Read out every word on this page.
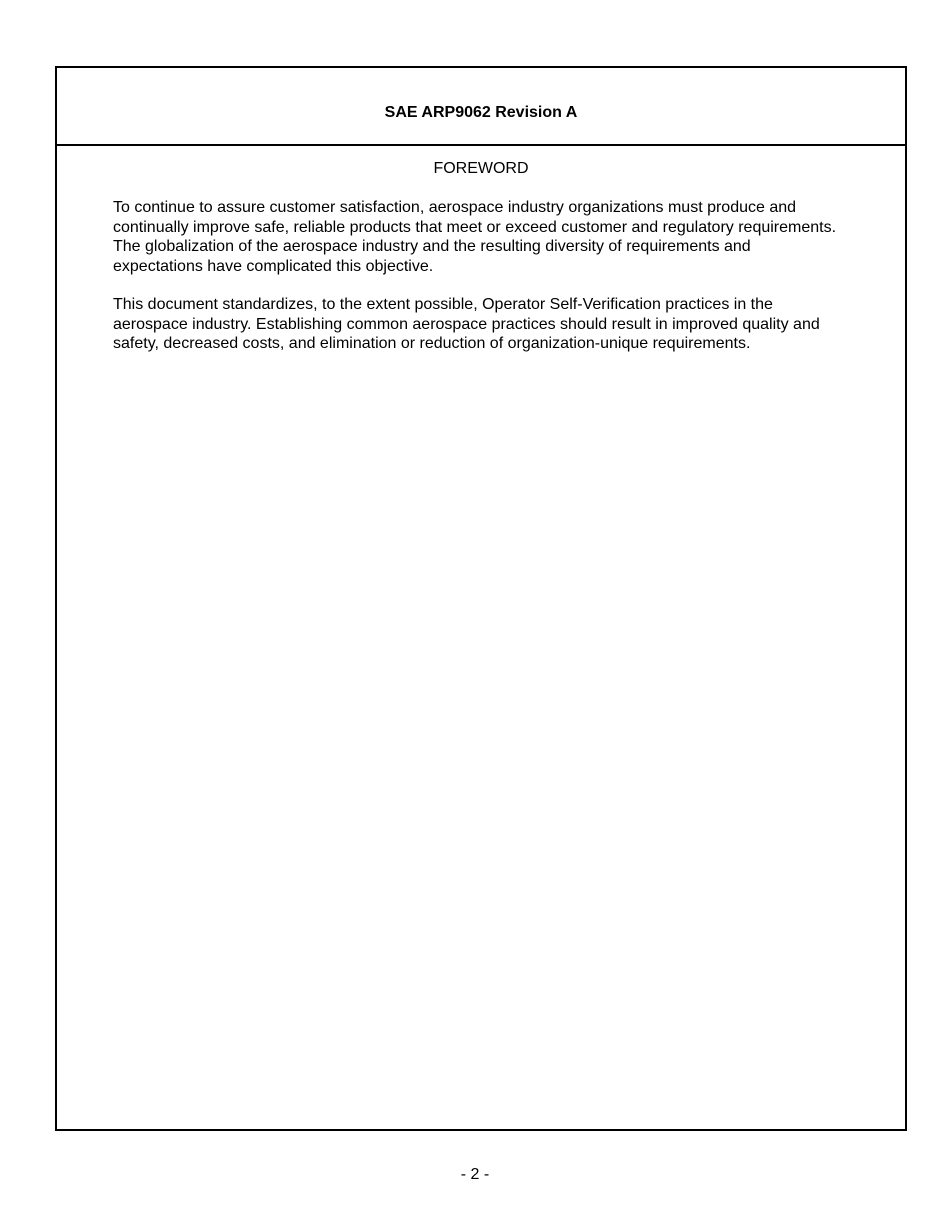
SAE ARP9062 Revision A
FOREWORD

To continue to assure customer satisfaction, aerospace industry organizations must produce and continually improve safe, reliable products that meet or exceed customer and regulatory requirements. The globalization of the aerospace industry and the resulting diversity of requirements and expectations have complicated this objective.

This document standardizes, to the extent possible, Operator Self-Verification practices in the aerospace industry. Establishing common aerospace practices should result in improved quality and safety, decreased costs, and elimination or reduction of organization-unique requirements.

- 2 -
